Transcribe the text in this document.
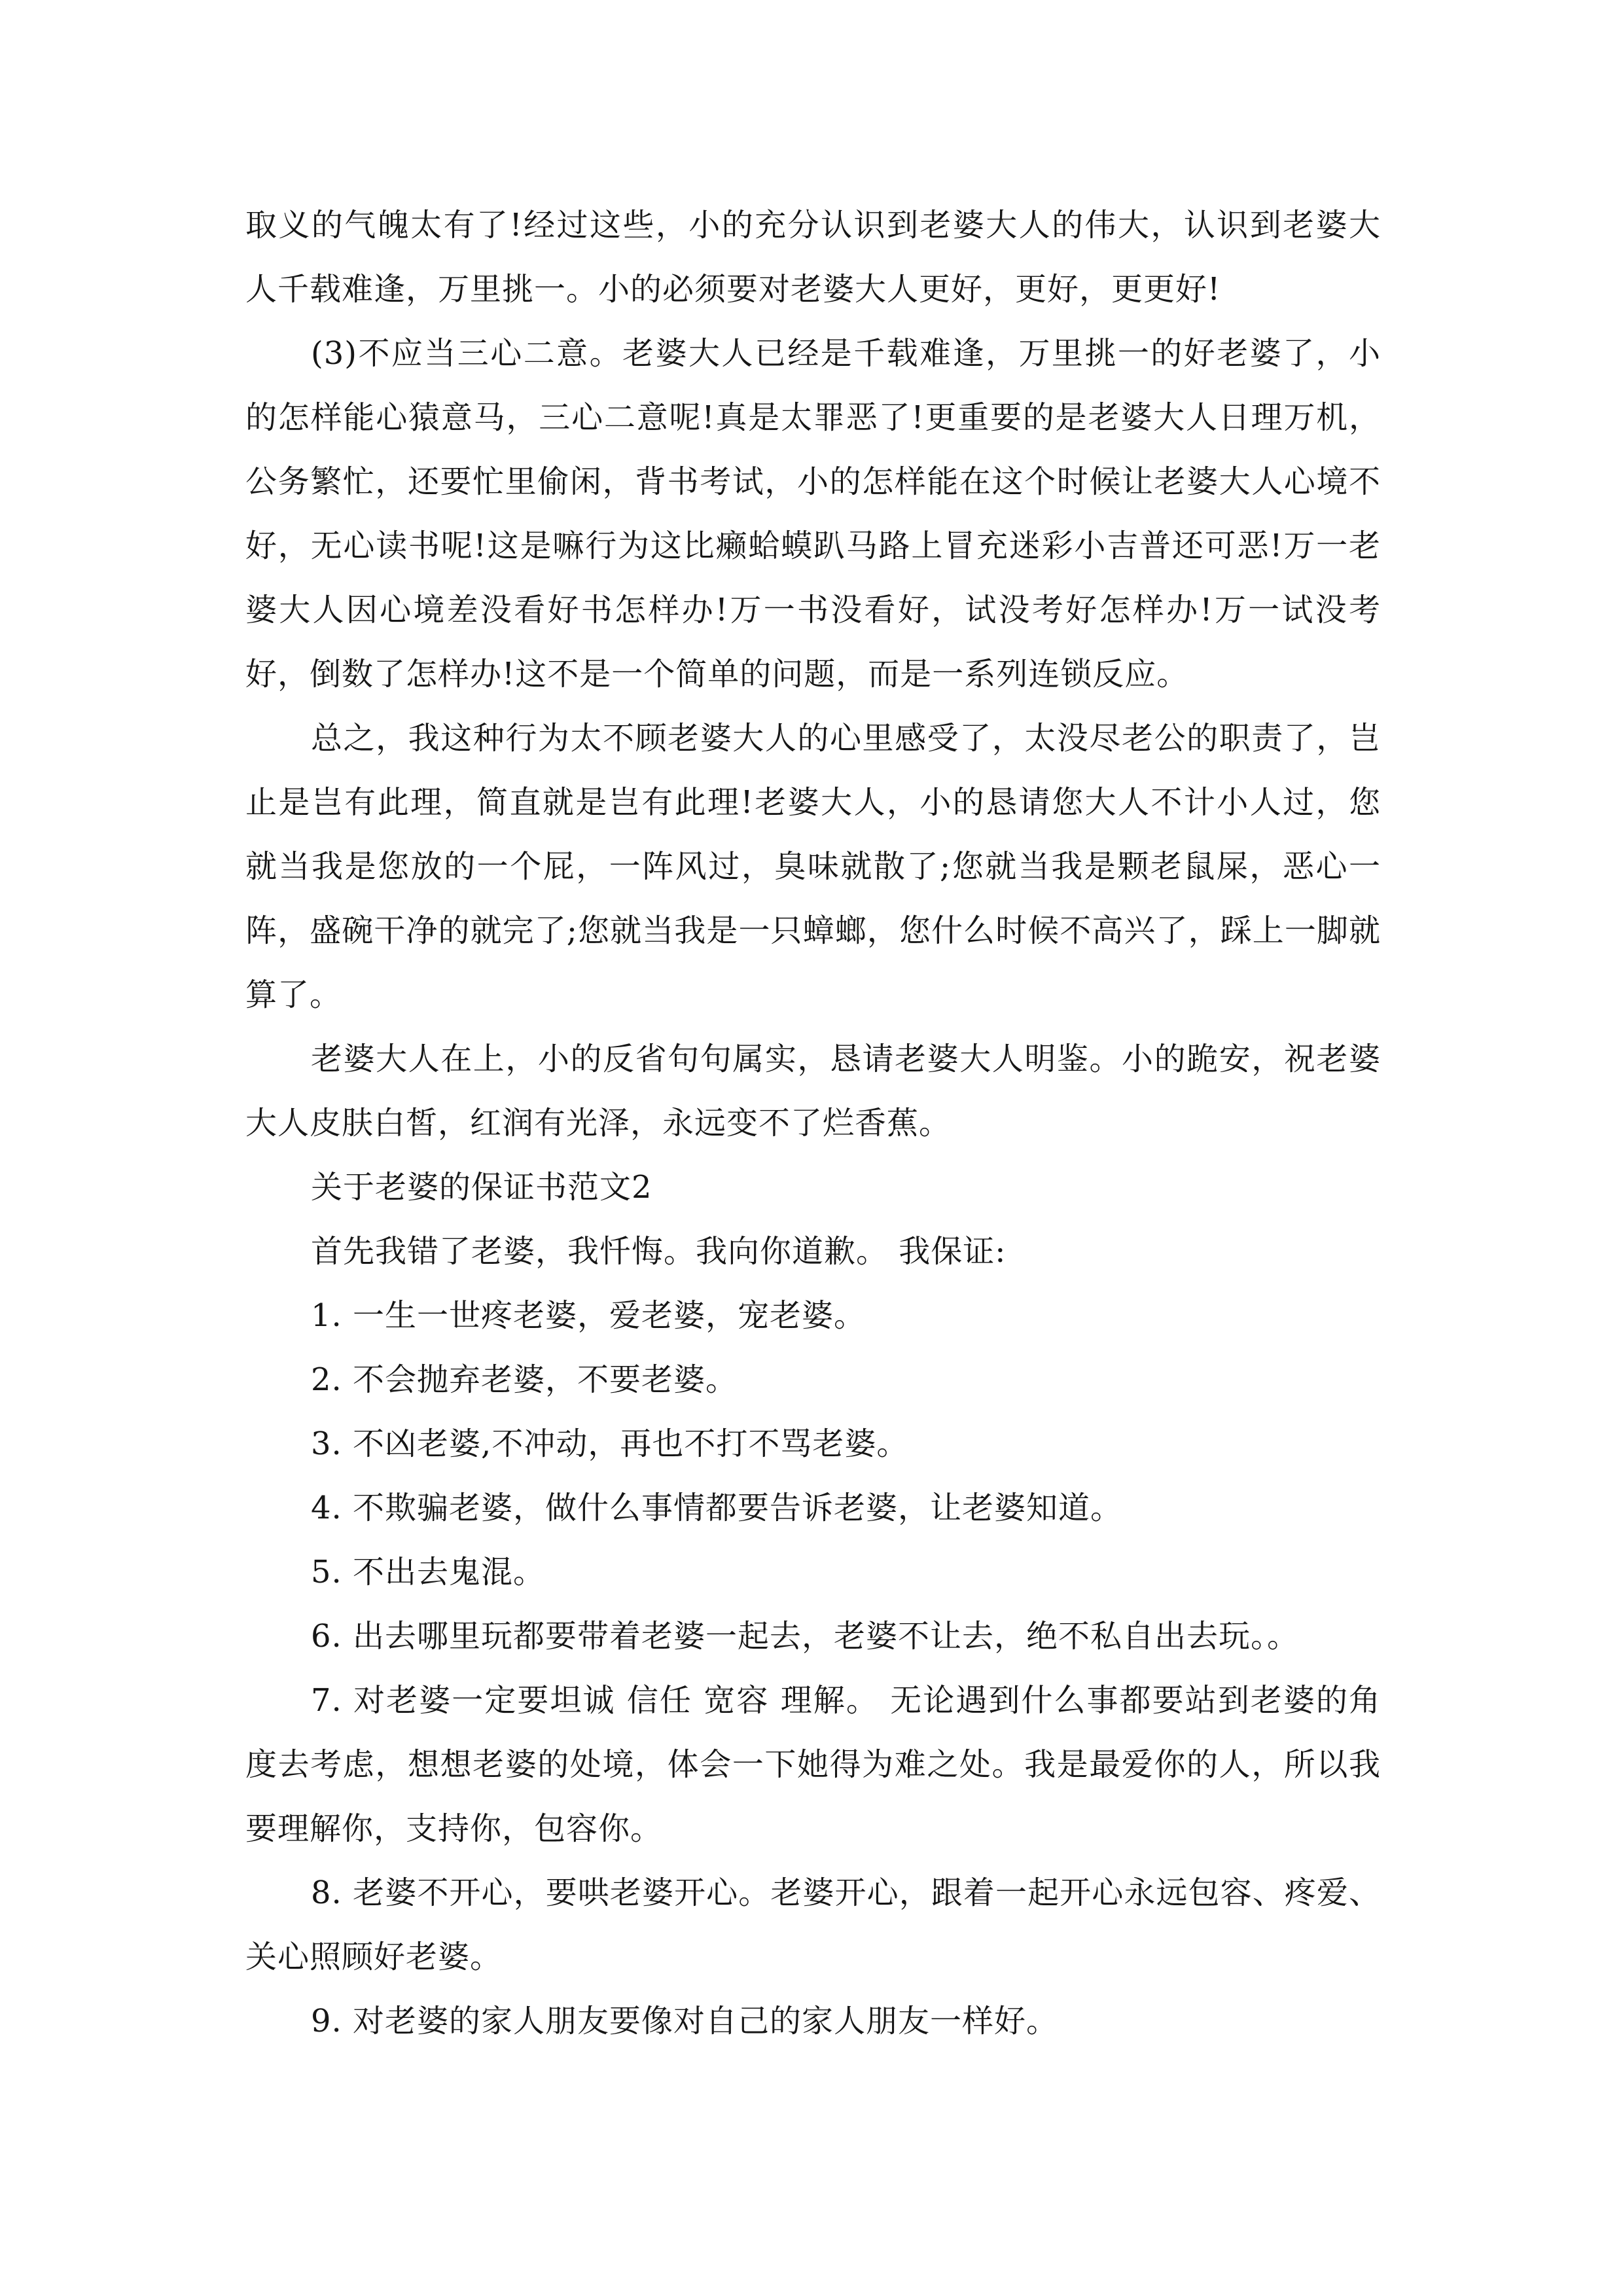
取义的气魄太有了!经过这些，小的充分认识到老婆大人的伟大，认识到老婆大人千载难逢，万里挑一。小的必须要对老婆大人更好，更好，更更好!

(3)不应当三心二意。老婆大人已经是千载难逢，万里挑一的好老婆了，小的怎样能心猿意马，三心二意呢!真是太罪恶了!更重要的是老婆大人日理万机，公务繁忙，还要忙里偷闲，背书考试，小的怎样能在这个时候让老婆大人心境不好，无心读书呢!这是嘛行为这比癞蛤蟆趴马路上冒充迷彩小吉普还可恶!万一老婆大人因心境差没看好书怎样办!万一书没看好，试没考好怎样办!万一试没考好，倒数了怎样办!这不是一个简单的问题，而是一系列连锁反应。

总之，我这种行为太不顾老婆大人的心里感受了，太没尽老公的职责了，岂止是岂有此理，简直就是岂有此理!老婆大人，小的恳请您大人不计小人过，您就当我是您放的一个屁，一阵风过，臭味就散了;您就当我是颗老鼠屎，恶心一阵，盛碗干净的就完了;您就当我是一只蟑螂，您什么时候不高兴了，踩上一脚就算了。

老婆大人在上，小的反省句句属实，恳请老婆大人明鉴。小的跪安，祝老婆大人皮肤白皙，红润有光泽，永远变不了烂香蕉。

关于老婆的保证书范文2

首先我错了老婆，我忏悔。我向你道歉。 我保证:

1. 一生一世疼老婆，爱老婆，宠老婆。

2. 不会抛弃老婆，不要老婆。

3. 不凶老婆,不冲动，再也不打不骂老婆。

4. 不欺骗老婆，做什么事情都要告诉老婆，让老婆知道。

5. 不出去鬼混。

6. 出去哪里玩都要带着老婆一起去，老婆不让去，绝不私自出去玩。。

7. 对老婆一定要坦诚 信任 宽容 理解。 无论遇到什么事都要站到老婆的角度去考虑，想想老婆的处境，体会一下她得为难之处。我是最爱你的人，所以我要理解你，支持你，包容你。

8. 老婆不开心，要哄老婆开心。老婆开心，跟着一起开心永远包容、疼爱、关心照顾好老婆。

9. 对老婆的家人朋友要像对自己的家人朋友一样好。
